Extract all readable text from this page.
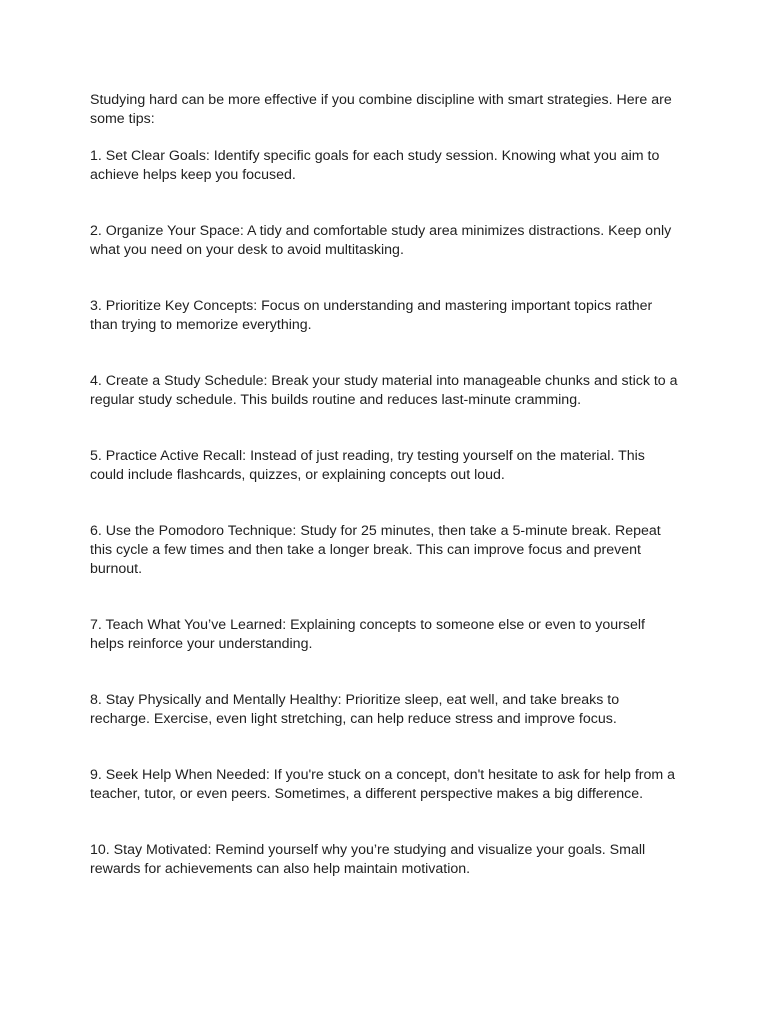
Studying hard can be more effective if you combine discipline with smart strategies. Here are some tips:

1. Set Clear Goals: Identify specific goals for each study session. Knowing what you aim to achieve helps keep you focused.

2. Organize Your Space: A tidy and comfortable study area minimizes distractions. Keep only what you need on your desk to avoid multitasking.

3. Prioritize Key Concepts: Focus on understanding and mastering important topics rather than trying to memorize everything.

4. Create a Study Schedule: Break your study material into manageable chunks and stick to a regular study schedule. This builds routine and reduces last-minute cramming.

5. Practice Active Recall: Instead of just reading, try testing yourself on the material. This could include flashcards, quizzes, or explaining concepts out loud.

6. Use the Pomodoro Technique: Study for 25 minutes, then take a 5-minute break. Repeat this cycle a few times and then take a longer break. This can improve focus and prevent burnout.

7. Teach What You’ve Learned: Explaining concepts to someone else or even to yourself helps reinforce your understanding.

8. Stay Physically and Mentally Healthy: Prioritize sleep, eat well, and take breaks to recharge. Exercise, even light stretching, can help reduce stress and improve focus.

9. Seek Help When Needed: If you're stuck on a concept, don't hesitate to ask for help from a teacher, tutor, or even peers. Sometimes, a different perspective makes a big difference.

10. Stay Motivated: Remind yourself why you’re studying and visualize your goals. Small rewards for achievements can also help maintain motivation.
